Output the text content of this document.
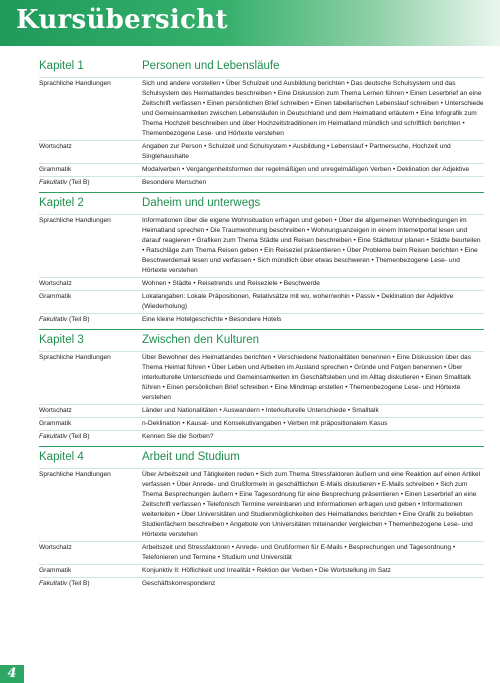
Kursübersicht
Kapitel 1	Personen und Lebensläufe
Sprachliche Handlungen	Sich und andere vorstellen • Über Schulzeit und Ausbildung berichten • Das deutsche Schulsystem und das Schulsystem des Heimatlandes beschreiben • Eine Diskussion zum Thema Lernen führen • Einen Leserbrief an eine Zeitschrift verfassen • Einen persönlichen Brief schreiben • Einen tabellarischen Lebenslauf schreiben • Unterschiede und Gemeinsamkeiten zwischen Lebensläufen in Deutschland und dem Heimatland erläutern • Eine Infografik zum Thema Hochzeit beschreiben und über Hochzeitstraditionen im Heimatland mündlich und schriftlich berichten • Themenbezogene Lese- und Hörtexte verstehen
Wortschatz	Angaben zur Person • Schulzeit und Schulsystem • Ausbildung • Lebenslauf • Partnersuche, Hochzeit und Singlehaushalte
Grammatik	Modalverben • Vergangenheitsformen der regelmäßigen und unregelmäßigen Verben • Deklination der Adjektive
Fakultativ (Teil B)	Besondere Menschen
Kapitel 2	Daheim und unterwegs
Sprachliche Handlungen	Informationen über die eigene Wohnsituation erfragen und geben • Über die allgemeinen Wohnbedingungen im Heimatland sprechen • Die Traumwohnung beschreiben • Wohnungsanzeigen in einem Internetportal lesen und darauf reagieren • Grafiken zum Thema Städte und Reisen beschreiben • Eine Städtetour planen • Städte beurteilen • Ratschläge zum Thema Reisen geben • Ein Reiseziel präsentieren • Über Probleme beim Reisen berichten • Eine Beschwerdemail lesen und verfassen • Sich mündlich über etwas beschweren • Themenbezogene Lese- und Hörtexte verstehen
Wortschatz	Wohnen • Städte • Reisetrends und Reiseziele • Beschwerde
Grammatik	Lokalangaben: Lokale Präpositionen, Relativsätze mit wo, woher/wohin • Passiv • Deklination der Adjektive (Wiederholung)
Fakultativ (Teil B)	Eine kleine Hotelgeschichte • Besondere Hotels
Kapitel 3	Zwischen den Kulturen
Sprachliche Handlungen	Über Bewohner des Heimatlandes berichten • Verschiedene Nationalitäten benennen • Eine Diskussion über das Thema Heimat führen • Über Leben und Arbeiten im Ausland sprechen • Gründe und Folgen benennen • Über interkulturelle Unterschiede und Gemeinsamkeiten im Geschäftsleben und im Alltag diskutieren • Einen Smalltalk führen • Einen persönlichen Brief schreiben • Eine Mindmap erstellen • Themenbezogene Lese- und Hörtexte verstehen
Wortschatz	Länder und Nationalitäten • Auswandern • Interkulturelle Unterschiede • Smalltalk
Grammatik	n-Deklination • Kausal- und Konsekutivangaben • Verben mit präpositionalem Kasus
Fakultativ (Teil B)	Kennen Sie die Sorben?
Kapitel 4	Arbeit und Studium
Sprachliche Handlungen	Über Arbeitszeit und Tätigkeiten reden • Sich zum Thema Stressfaktoren äußern und eine Reaktion auf einen Artikel verfassen • Über Anrede- und Grußformeln in geschäftlichen E-Mails diskutieren • E-Mails schreiben • Sich zum Thema Besprechungen äußern • Eine Tagesordnung für eine Besprechung präsentieren • Einen Leserbrief an eine Zeitschrift verfassen • Telefonisch Termine vereinbaren und Informationen erfragen und geben • Informationen weiterleiten • Über Universitäten und Studienmöglichkeiten des Heimatlandes berichten • Eine Grafik zu beliebten Studienfächern beschreiben • Angebote von Universitäten miteinander vergleichen • Themenbezogene Lese- und Hörtexte verstehen
Wortschatz	Arbeitszeit und Stressfaktoren • Anrede- und Grußformen für E-Mails • Besprechungen und Tagesordnung • Telefonieren und Termine • Studium und Universität
Grammatik	Konjunktiv II: Höflichkeit und Irrealität • Rektion der Verben • Die Wortstellung im Satz
Fakultativ (Teil B)	Geschäftskorrespondenz
4
